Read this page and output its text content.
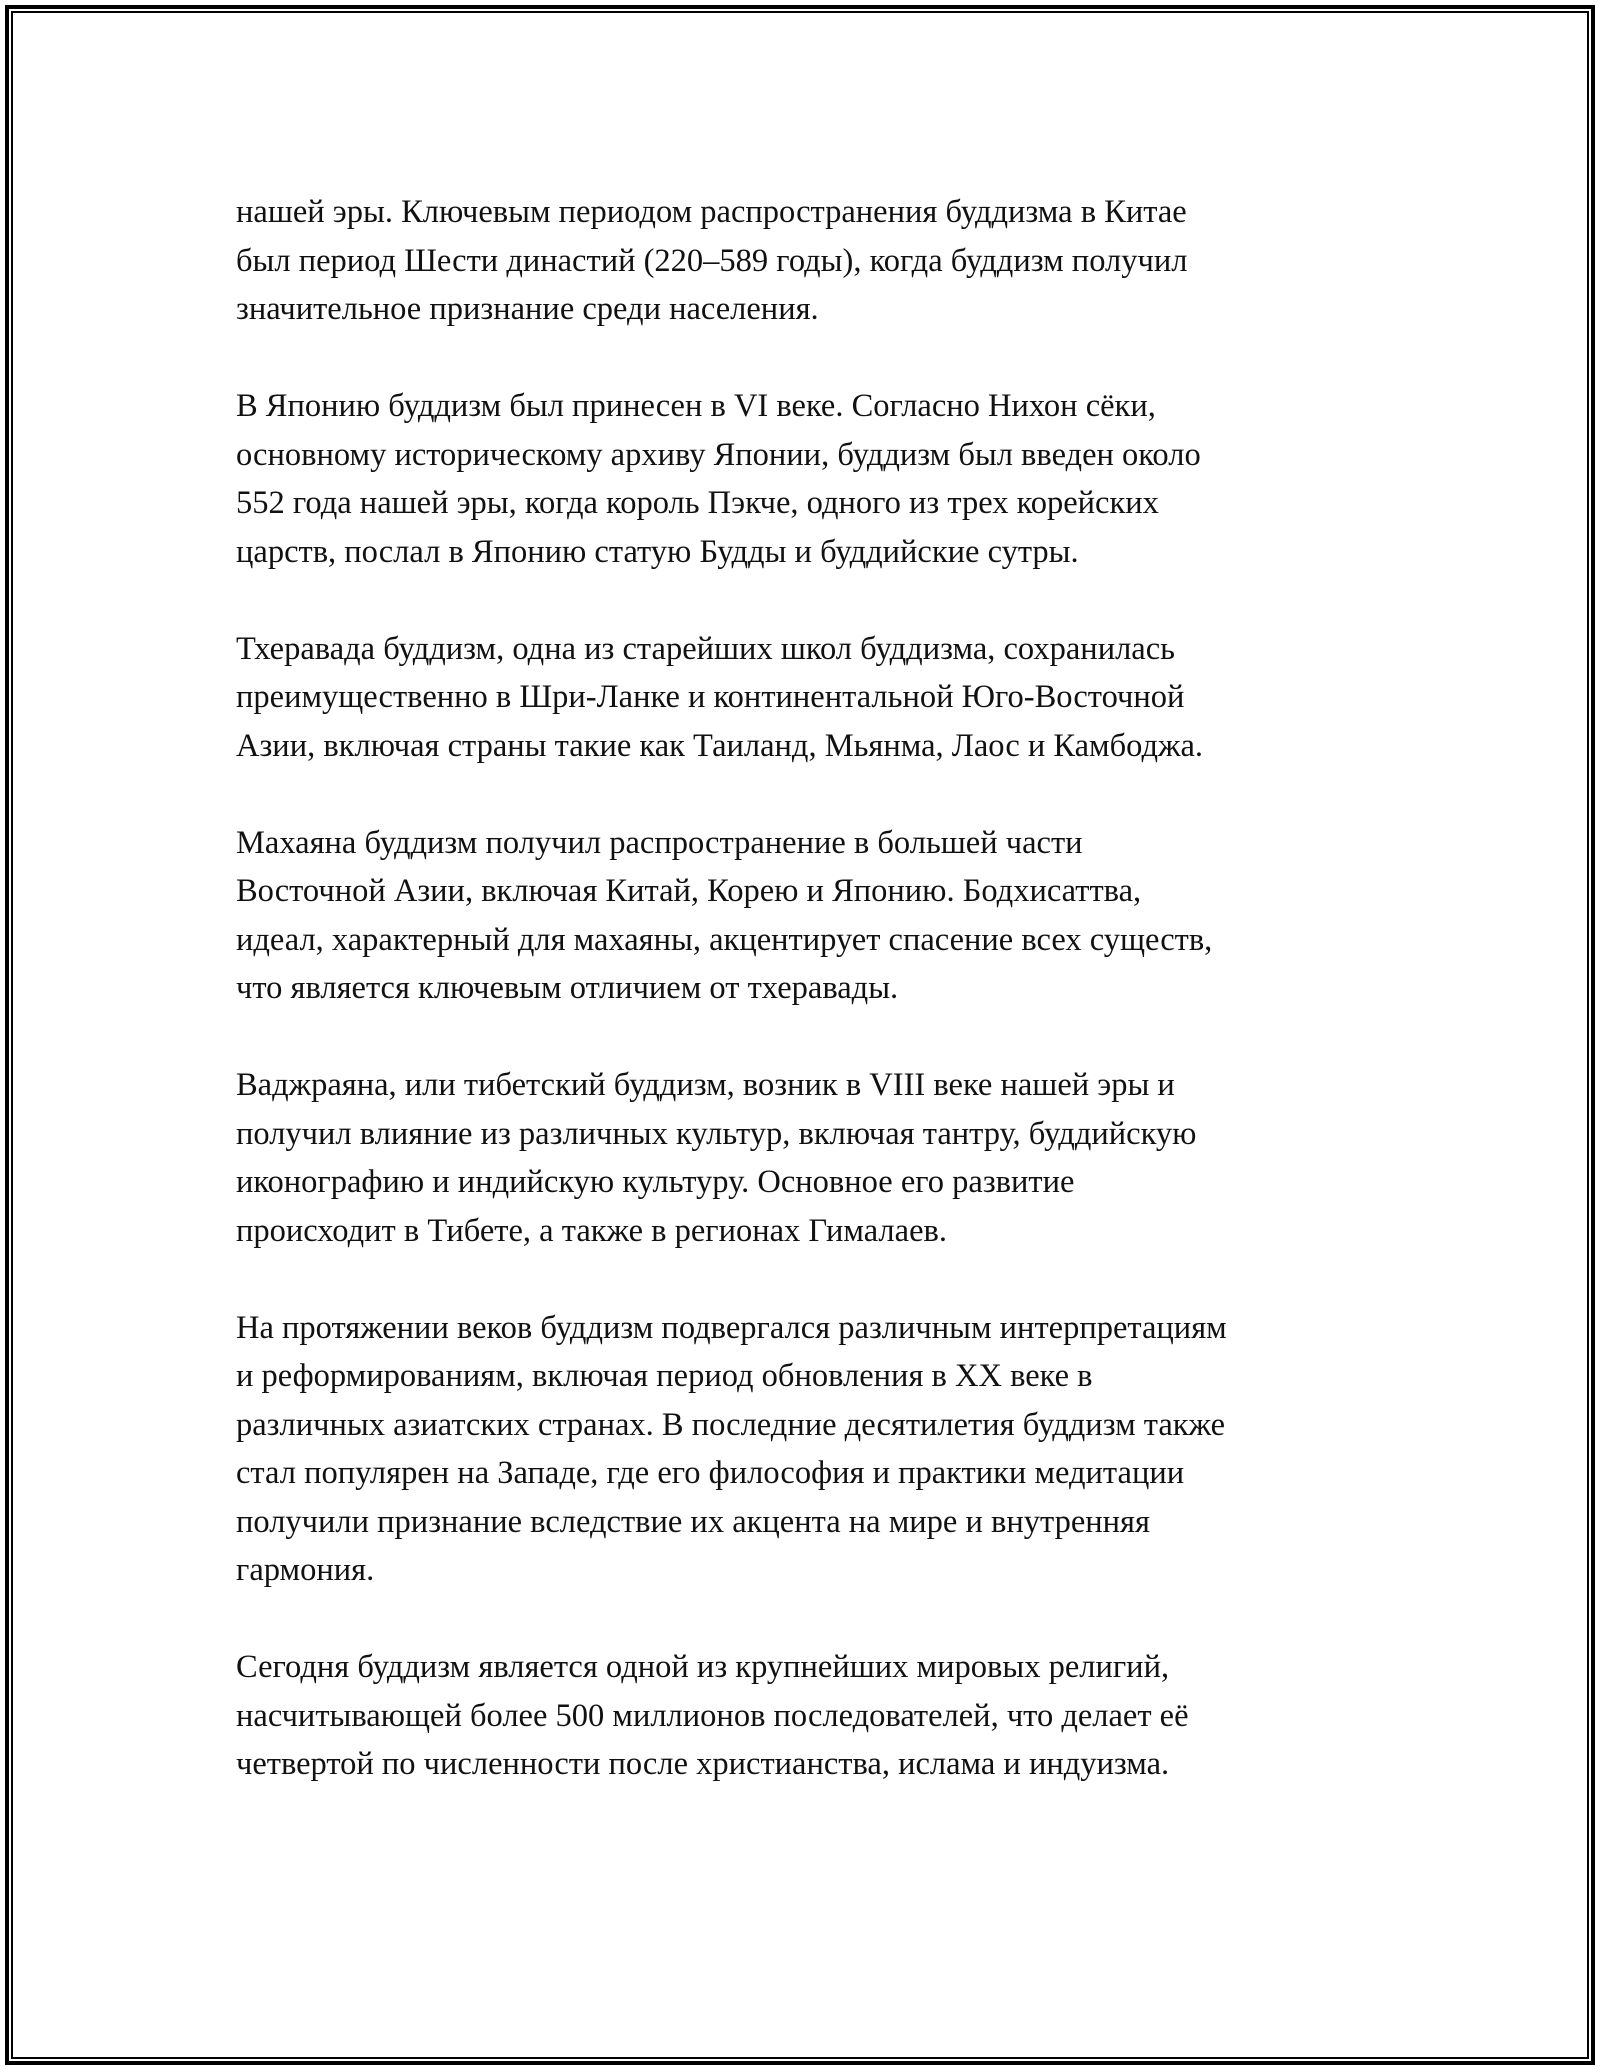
нашей эры. Ключевым периодом распространения буддизма в Китае
был период Шести династий (220–589 годы), когда буддизм получил
значительное признание среди населения.

В Японию буддизм был принесен в VI веке. Согласно Нихон сёки,
основному историческому архиву Японии, буддизм был введен около
552 года нашей эры, когда король Пэкче, одного из трех корейских
царств, послал в Японию статую Будды и буддийские сутры.

Тхеравада буддизм, одна из старейших школ буддизма, сохранилась
преимущественно в Шри-Ланке и континентальной Юго-Восточной
Азии, включая страны такие как Таиланд, Мьянма, Лаос и Камбоджа.

Махаяна буддизм получил распространение в большей части
Восточной Азии, включая Китай, Корею и Японию. Бодхисаттва,
идеал, характерный для махаяны, акцентирует спасение всех существ,
что является ключевым отличием от тхеравады.

Ваджраяна, или тибетский буддизм, возник в VIII веке нашей эры и
получил влияние из различных культур, включая тантру, буддийскую
иконографию и индийскую культуру. Основное его развитие
происходит в Тибете, а также в регионах Гималаев.

На протяжении веков буддизм подвергался различным интерпретациям
и реформированиям, включая период обновления в XX веке в
различных азиатских странах. В последние десятилетия буддизм также
стал популярен на Западе, где его философия и практики медитации
получили признание вследствие их акцента на мире и внутренняя
гармония.

Сегодня буддизм является одной из крупнейших мировых религий,
насчитывающей более 500 миллионов последователей, что делает её
четвертой по численности после христианства, ислама и индуизма.
